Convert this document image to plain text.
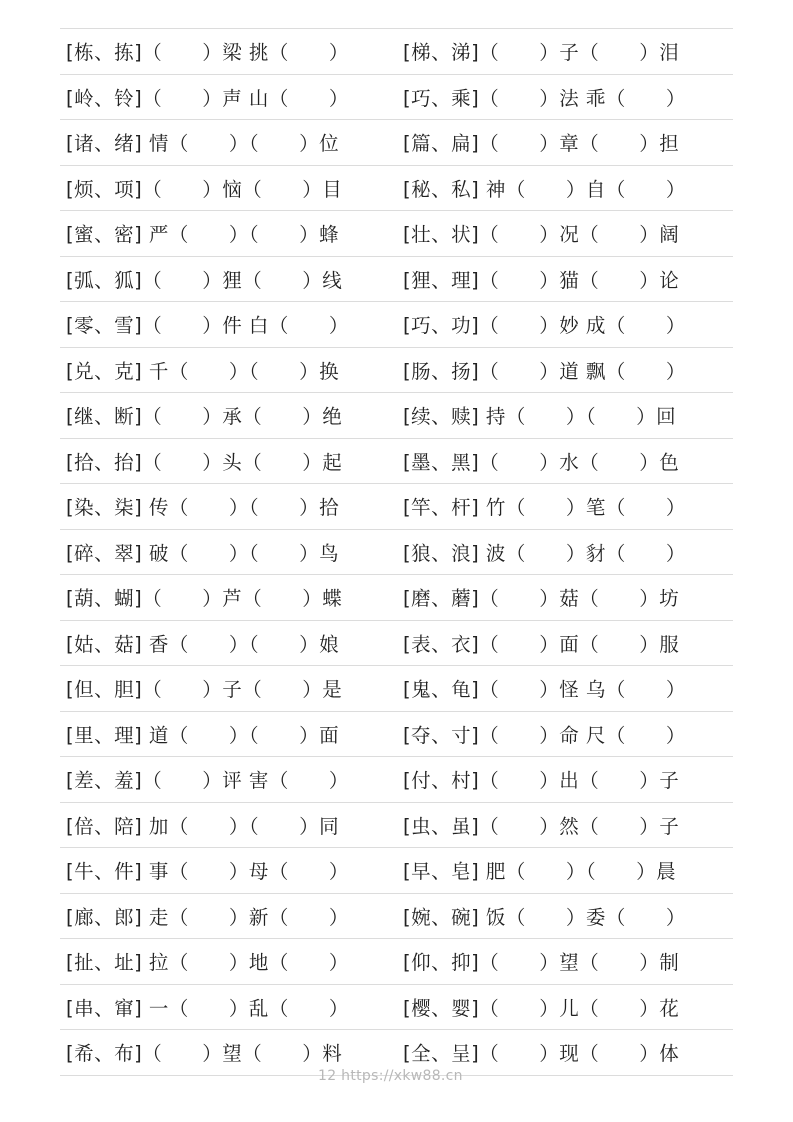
[栋、拣]（　　）梁 挑（　　）	[梯、涕]（　　）子（　　）泪
[岭、铃]（　　）声 山（　　）	[巧、乘]（　　）法 乖（　　）
[诸、绪] 情（　　）（　　）位	[篇、扁]（　　）章（　　）担
[烦、项]（　　）恼（　　）目	[秘、私] 神（　　）自（　　）
[蜜、密] 严（　　）（　　）蜂	[壮、状]（　　）况（　　）阔
[弧、狐]（　　）狸（　　）线	[狸、理]（　　）猫（　　）论
[零、雪]（　　）件 白（　　）	[巧、功]（　　）妙 成（　　）
[兑、克] 千（　　）（　　）换	[肠、扬]（　　）道 飘（　　）
[继、断]（　　）承（　　）绝	[续、赎] 持（　　）（　　）回
[拾、抬]（　　）头（　　）起	[墨、黑]（　　）水（　　）色
[染、柒] 传（　　）（　　）拾	[竿、杆] 竹（　　）笔（　　）
[碎、翠] 破（　　）（　　）鸟	[狼、浪] 波（　　）豺（　　）
[葫、蝴]（　　）芦（　　）蝶	[磨、蘑]（　　）菇（　　）坊
[姑、菇] 香（　　）（　　）娘	[表、衣]（　　）面（　　）服
[但、胆]（　　）子（　　）是	[鬼、龟]（　　）怪 乌（　　）
[里、理] 道（　　）（　　）面	[夺、寸]（　　）命 尺（　　）
[差、羞]（　　）评 害（　　）	[付、村]（　　）出（　　）子
[倍、陪] 加（　　）（　　）同	[虫、虽]（　　）然（　　）子
[牛、件] 事（　　）母（　　）	[早、皂] 肥（　　）（　　）晨
[廊、郎] 走（　　）新（　　）	[婉、碗] 饭（　　）委（　　）
[扯、址] 拉（　　）地（　　）	[仰、抑]（　　）望（　　）制
[串、窜] 一（　　）乱（　　）	[樱、婴]（　　）儿（　　）花
[希、布]（　　）望（　　）料	[全、呈]（　　）现（　　）体
12 https://xkw88.cn
